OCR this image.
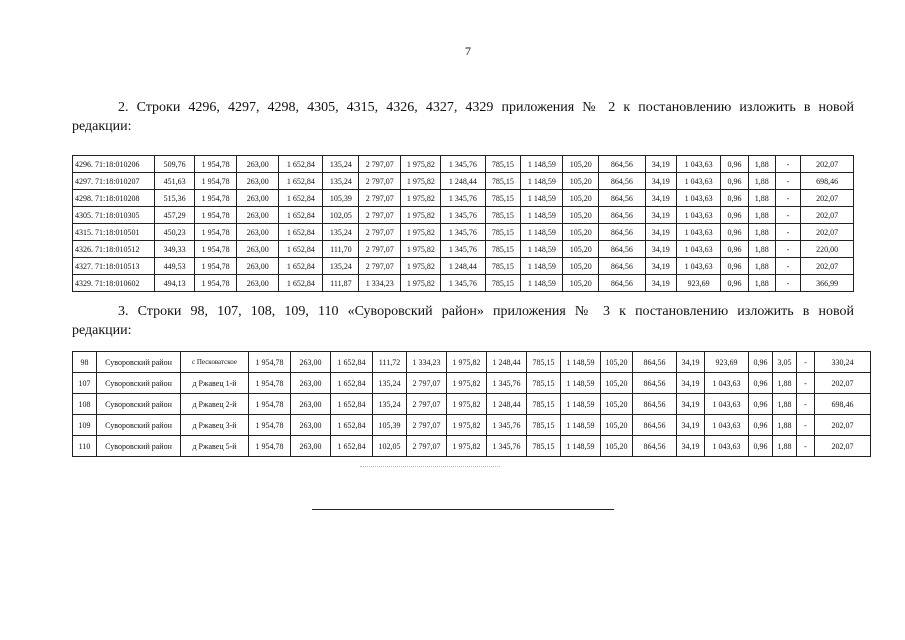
7

2. Строки 4296, 4297, 4298, 4305, 4315, 4326, 4327, 4329 приложения № 2 к постановлению изложить в новой
редакции:

4296. 71:18:010206	509,76	1 954,78	263,00	1 652,84	135,24	2 797,07	1 975,82	1 345,76	785,15	1 148,59	105,20	864,56	34,19	1 043,63	0,96	1,88	-	202,07
4297. 71:18:010207	451,63	1 954,78	263,00	1 652,84	135,24	2 797,07	1 975,82	1 248,44	785,15	1 148,59	105,20	864,56	34,19	1 043,63	0,96	1,88	-	698,46
4298. 71:18:010208	515,36	1 954,78	263,00	1 652,84	105,39	2 797,07	1 975,82	1 345,76	785,15	1 148,59	105,20	864,56	34,19	1 043,63	0,96	1,88	-	202,07
4305. 71:18:010305	457,29	1 954,78	263,00	1 652,84	102,05	2 797,07	1 975,82	1 345,76	785,15	1 148,59	105,20	864,56	34,19	1 043,63	0,96	1,88	-	202,07
4315. 71:18:010501	450,23	1 954,78	263,00	1 652,84	135,24	2 797,07	1 975,82	1 345,76	785,15	1 148,59	105,20	864,56	34,19	1 043,63	0,96	1,88	-	202,07
4326. 71:18:010512	349,33	1 954,78	263,00	1 652,84	111,70	2 797,07	1 975,82	1 345,76	785,15	1 148,59	105,20	864,56	34,19	1 043,63	0,96	1,88	-	220,00
4327. 71:18:010513	449,53	1 954,78	263,00	1 652,84	135,24	2 797,07	1 975,82	1 248,44	785,15	1 148,59	105,20	864,56	34,19	1 043,63	0,96	1,88	-	202,07
4329. 71:18:010602	494,13	1 954,78	263,00	1 652,84	111,87	1 334,23	1 975,82	1 345,76	785,15	1 148,59	105,20	864,56	34,19	923,69	0,96	1,88	-	366,99

3. Строки 98, 107, 108, 109, 110 «Суворовский район» приложения № 3 к постановлению изложить в новой
редакции:

98	Суворовский район	с Песковатское	1 954,78	263,00	1 652,84	111,72	1 334,23	1 975,82	1 248,44	785,15	1 148,59	105,20	864,56	34,19	923,69	0,96	3,05	-	330,24
107	Суворовский район	д Ржавец 1-й	1 954,78	263,00	1 652,84	135,24	2 797,07	1 975,82	1 345,76	785,15	1 148,59	105,20	864,56	34,19	1 043,63	0,96	1,88	-	202,07
108	Суворовский район	д Ржавец 2-й	1 954,78	263,00	1 652,84	135,24	2 797,07	1 975,82	1 248,44	785,15	1 148,59	105,20	864,56	34,19	1 043,63	0,96	1,88	-	698,46
109	Суворовский район	д Ржавец 3-й	1 954,78	263,00	1 652,84	105,39	2 797,07	1 975,82	1 345,76	785,15	1 148,59	105,20	864,56	34,19	1 043,63	0,96	1,88	-	202,07
110	Суворовский район	д Ржавец 5-й	1 954,78	263,00	1 652,84	102,05	2 797,07	1 975,82	1 345,76	785,15	1 148,59	105,20	864,56	34,19	1 043,63	0,96	1,88	-	202,07
